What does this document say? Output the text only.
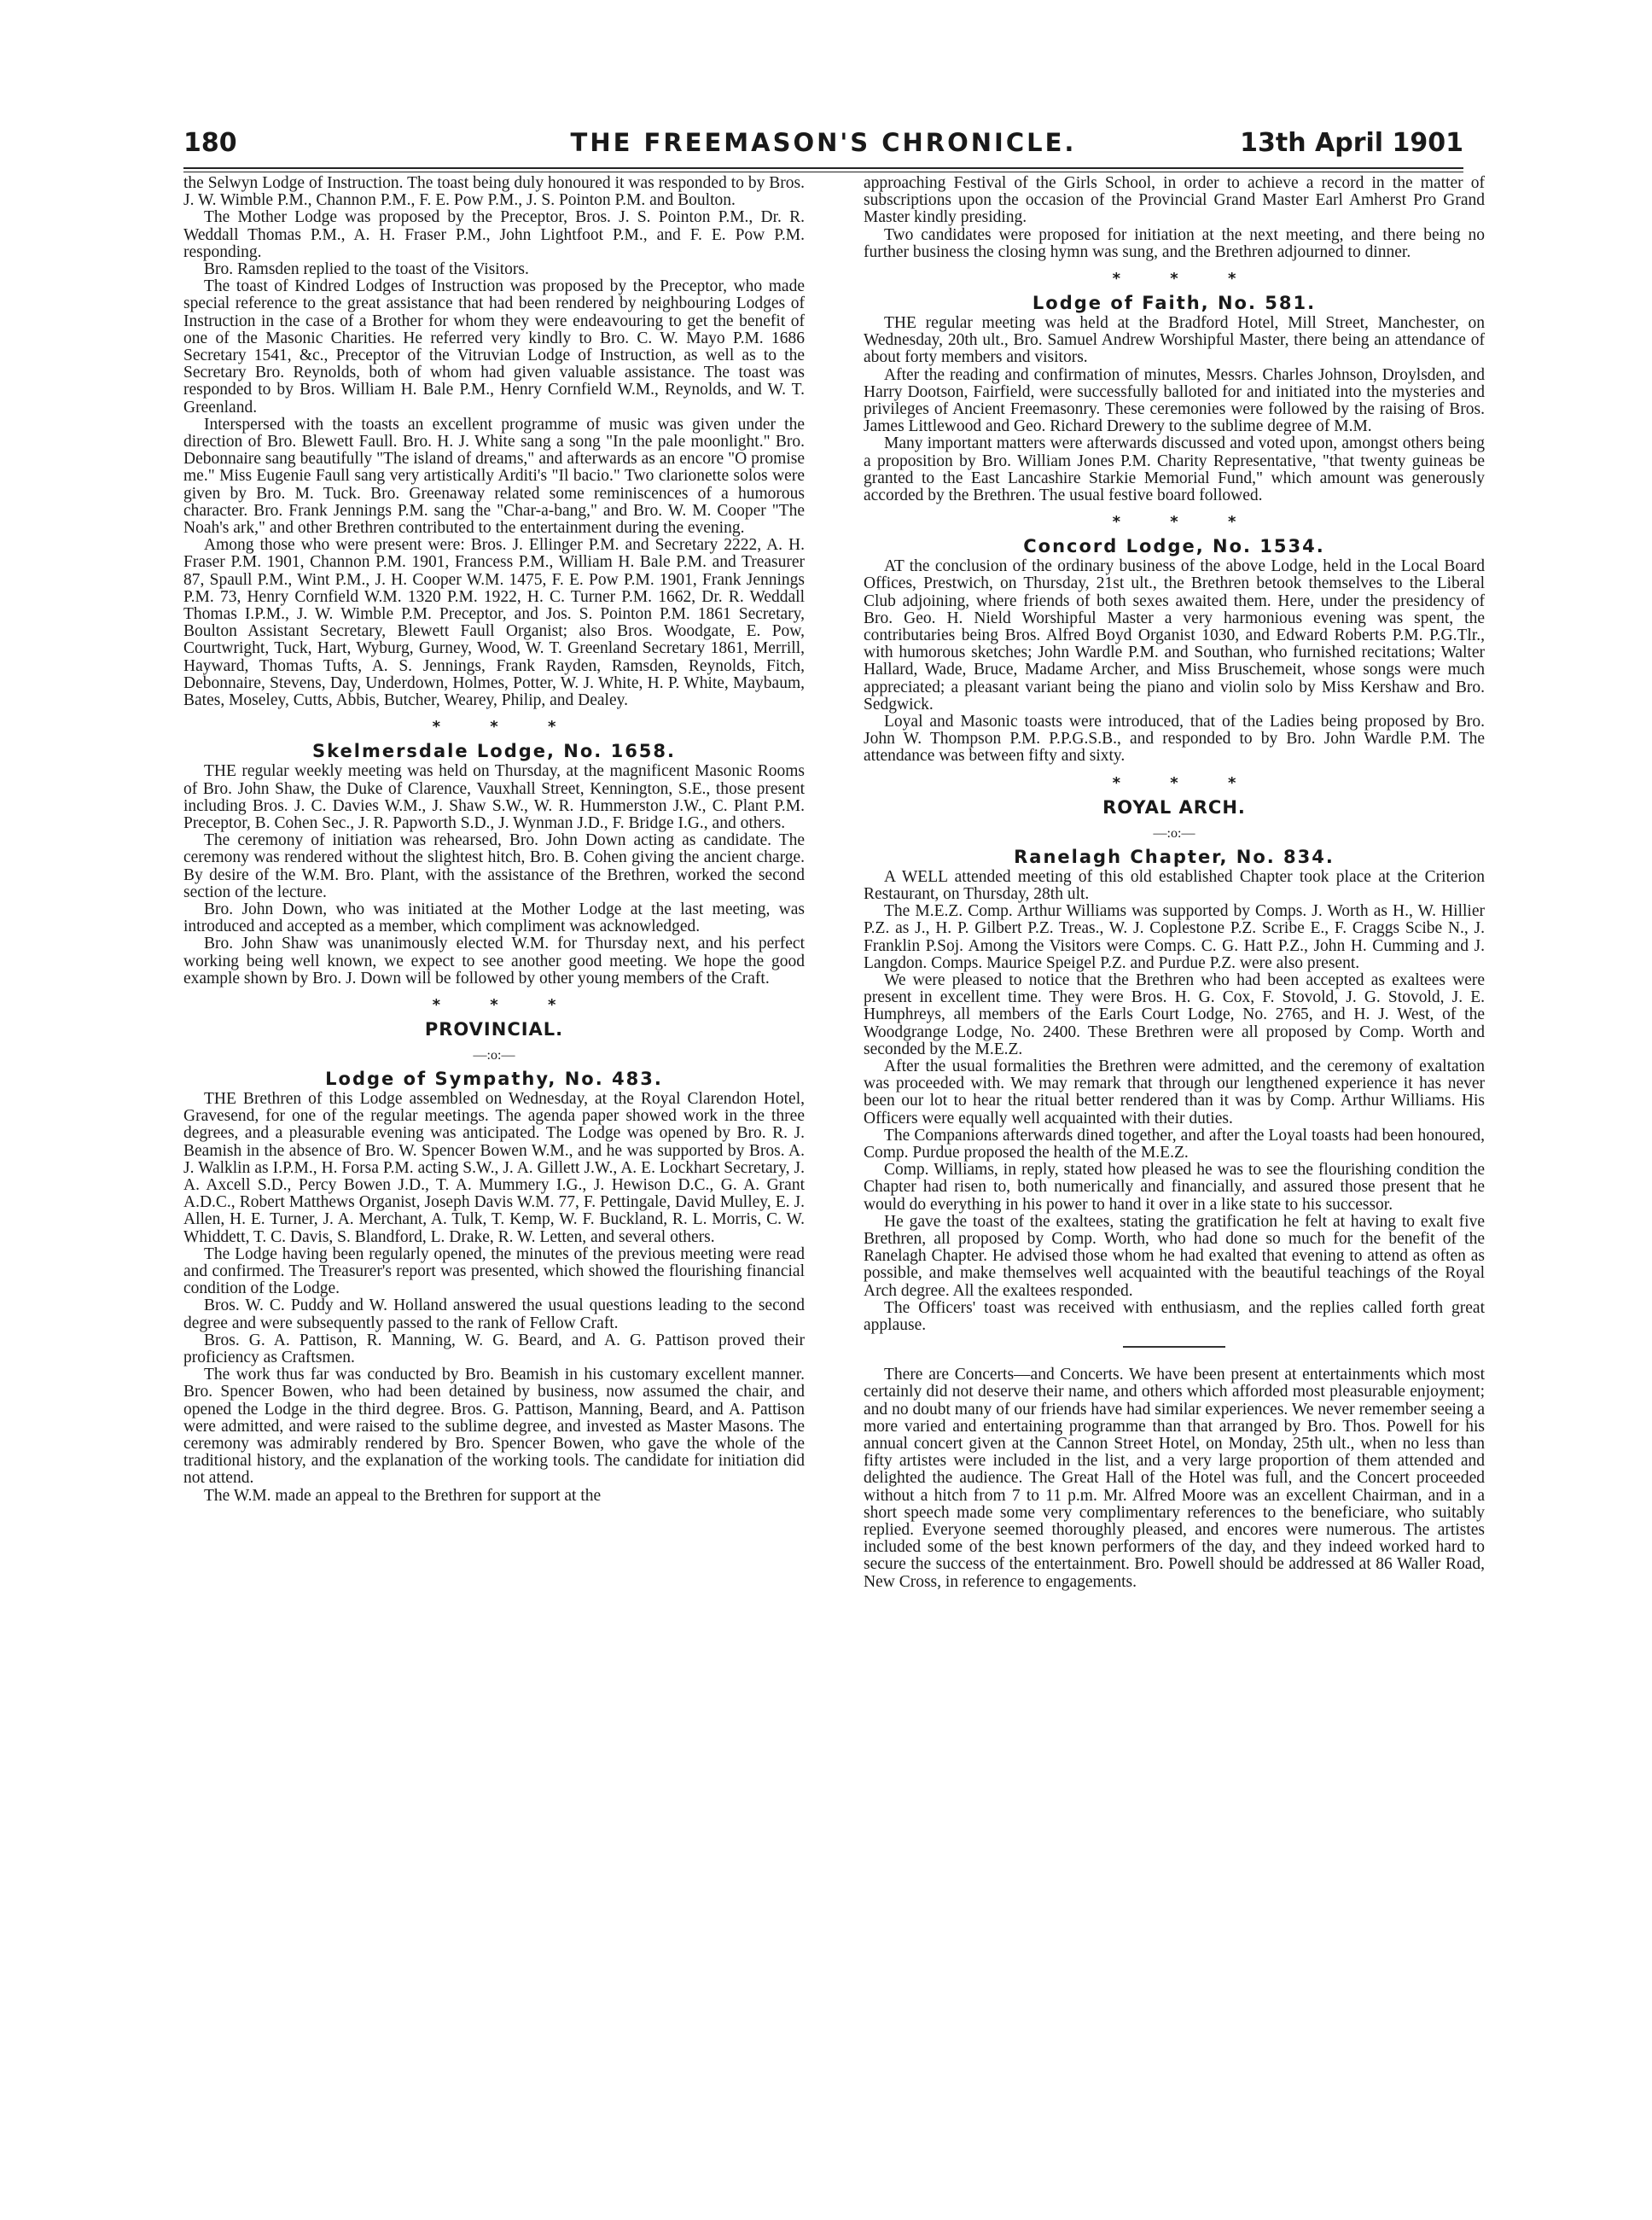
180	THE FREEMASON'S CHRONICLE.	13th April 1901

the Selwyn Lodge of Instruction. The toast being duly honoured it was responded to by Bros. J. W. Wimble P.M., Channon P.M., F. E. Pow P.M., J. S. Pointon P.M. and Boulton.

The Mother Lodge was proposed by the Preceptor, Bros. J. S. Pointon P.M., Dr. R. Weddall Thomas P.M., A. H. Fraser P.M., John Lightfoot P.M., and F. E. Pow P.M. responding.

Bro. Ramsden replied to the toast of the Visitors.

The toast of Kindred Lodges of Instruction was proposed by the Preceptor, who made special reference to the great assistance that had been rendered by neighbouring Lodges of Instruction in the case of a Brother for whom they were endeavouring to get the benefit of one of the Masonic Charities. He referred very kindly to Bro. C. W. Mayo P.M. 1686 Secretary 1541, &c., Preceptor of the Vitruvian Lodge of Instruction, as well as to the Secretary Bro. Reynolds, both of whom had given valuable assistance. The toast was responded to by Bros. William H. Bale P.M., Henry Cornfield W.M., Reynolds, and W. T. Greenland.

Interspersed with the toasts an excellent programme of music was given under the direction of Bro. Blewett Faull. Bro. H. J. White sang a song "In the pale moonlight." Bro. Debonnaire sang beautifully "The island of dreams," and afterwards as an encore "O promise me." Miss Eugenie Faull sang very artistically Arditi's "Il bacio." Two clarionette solos were given by Bro. M. Tuck. Bro. Greenaway related some reminiscences of a humorous character. Bro. Frank Jennings P.M. sang the "Char-a-bang," and Bro. W. M. Cooper "The Noah's ark," and other Brethren contributed to the entertainment during the evening.

Among those who were present were: Bros. J. Ellinger P.M. and Secretary 2222, A. H. Fraser P.M. 1901, Channon P.M. 1901, Francess P.M., William H. Bale P.M. and Treasurer 87, Spaull P.M., Wint P.M., J. H. Cooper W.M. 1475, F. E. Pow P.M. 1901, Frank Jennings P.M. 73, Henry Cornfield W.M. 1320 P.M. 1922, H. C. Turner P.M. 1662, Dr. R. Weddall Thomas I.P.M., J. W. Wimble P.M. Preceptor, and Jos. S. Pointon P.M. 1861 Secretary, Boulton Assistant Secretary, Blewett Faull Organist; also Bros. Woodgate, E. Pow, Courtwright, Tuck, Hart, Wyburg, Gurney, Wood, W. T. Greenland Secretary 1861, Merrill, Hayward, Thomas Tufts, A. S. Jennings, Frank Rayden, Ramsden, Reynolds, Fitch, Debonnaire, Stevens, Day, Underdown, Holmes, Potter, W. J. White, H. P. White, Maybaum, Bates, Moseley, Cutts, Abbis, Butcher, Wearey, Philip, and Dealey.

* * *
Skelmersdale Lodge, No. 1658.

THE regular weekly meeting was held on Thursday, at the magnificent Masonic Rooms of Bro. John Shaw, the Duke of Clarence, Vauxhall Street, Kennington, S.E., those present including Bros. J. C. Davies W.M., J. Shaw S.W., W. R. Hummerston J.W., C. Plant P.M. Preceptor, B. Cohen Sec., J. R. Papworth S.D., J. Wynman J.D., F. Bridge I.G., and others.

The ceremony of initiation was rehearsed, Bro. John Down acting as candidate. The ceremony was rendered without the slightest hitch, Bro. B. Cohen giving the ancient charge. By desire of the W.M. Bro. Plant, with the assistance of the Brethren, worked the second section of the lecture.

Bro. John Down, who was initiated at the Mother Lodge at the last meeting, was introduced and accepted as a member, which compliment was acknowledged.

Bro. John Shaw was unanimously elected W.M. for Thursday next, and his perfect working being well known, we expect to see another good meeting. We hope the good example shown by Bro. J. Down will be followed by other young members of the Craft.

* * *
PROVINCIAL.
—:o:—
Lodge of Sympathy, No. 483.

THE Brethren of this Lodge assembled on Wednesday, at the Royal Clarendon Hotel, Gravesend, for one of the regular meetings. The agenda paper showed work in the three degrees, and a pleasurable evening was anticipated. The Lodge was opened by Bro. R. J. Beamish in the absence of Bro. W. Spencer Bowen W.M., and he was supported by Bros. A. J. Walklin as I.P.M., H. Forsa P.M. acting S.W., J. A. Gillett J.W., A. E. Lockhart Secretary, J. A. Axcell S.D., Percy Bowen J.D., T. A. Mummery I.G., J. Hewison D.C., G. A. Grant A.D.C., Robert Matthews Organist, Joseph Davis W.M. 77, F. Pettingale, David Mulley, E. J. Allen, H. E. Turner, J. A. Merchant, A. Tulk, T. Kemp, W. F. Buckland, R. L. Morris, C. W. Whiddett, T. C. Davis, S. Blandford, L. Drake, R. W. Letten, and several others.

The Lodge having been regularly opened, the minutes of the previous meeting were read and confirmed. The Treasurer's report was presented, which showed the flourishing financial condition of the Lodge.

Bros. W. C. Puddy and W. Holland answered the usual questions leading to the second degree and were subsequently passed to the rank of Fellow Craft.

Bros. G. A. Pattison, R. Manning, W. G. Beard, and A. G. Pattison proved their proficiency as Craftsmen.

The work thus far was conducted by Bro. Beamish in his customary excellent manner. Bro. Spencer Bowen, who had been detained by business, now assumed the chair, and opened the Lodge in the third degree. Bros. G. Pattison, Manning, Beard, and A. Pattison were admitted, and were raised to the sublime degree, and invested as Master Masons. The ceremony was admirably rendered by Bro. Spencer Bowen, who gave the whole of the traditional history, and the explanation of the working tools. The candidate for initiation did not attend.

The W.M. made an appeal to the Brethren for support at the

approaching Festival of the Girls School, in order to achieve a record in the matter of subscriptions upon the occasion of the Provincial Grand Master Earl Amherst Pro Grand Master kindly presiding.

Two candidates were proposed for initiation at the next meeting, and there being no further business the closing hymn was sung, and the Brethren adjourned to dinner.

* * *
Lodge of Faith, No. 581.

THE regular meeting was held at the Bradford Hotel, Mill Street, Manchester, on Wednesday, 20th ult., Bro. Samuel Andrew Worshipful Master, there being an attendance of about forty members and visitors.

After the reading and confirmation of minutes, Messrs. Charles Johnson, Droylsden, and Harry Dootson, Fairfield, were successfully balloted for and initiated into the mysteries and privileges of Ancient Freemasonry. These ceremonies were followed by the raising of Bros. James Littlewood and Geo. Richard Drewery to the sublime degree of M.M.

Many important matters were afterwards discussed and voted upon, amongst others being a proposition by Bro. William Jones P.M. Charity Representative, "that twenty guineas be granted to the East Lancashire Starkie Memorial Fund," which amount was generously accorded by the Brethren. The usual festive board followed.

* * *
Concord Lodge, No. 1534.

AT the conclusion of the ordinary business of the above Lodge, held in the Local Board Offices, Prestwich, on Thursday, 21st ult., the Brethren betook themselves to the Liberal Club adjoining, where friends of both sexes awaited them. Here, under the presidency of Bro. Geo. H. Nield Worshipful Master a very harmonious evening was spent, the contributaries being Bros. Alfred Boyd Organist 1030, and Edward Roberts P.M. P.G.Tlr., with humorous sketches; John Wardle P.M. and Southan, who furnished recitations; Walter Hallard, Wade, Bruce, Madame Archer, and Miss Bruschemeit, whose songs were much appreciated; a pleasant variant being the piano and violin solo by Miss Kershaw and Bro. Sedgwick.

Loyal and Masonic toasts were introduced, that of the Ladies being proposed by Bro. John W. Thompson P.M. P.P.G.S.B., and responded to by Bro. John Wardle P.M. The attendance was between fifty and sixty.

* * *
ROYAL ARCH.
—:o:—
Ranelagh Chapter, No. 834.

A WELL attended meeting of this old established Chapter took place at the Criterion Restaurant, on Thursday, 28th ult.

The M.E.Z. Comp. Arthur Williams was supported by Comps. J. Worth as H., W. Hillier P.Z. as J., H. P. Gilbert P.Z. Treas., W. J. Coplestone P.Z. Scribe E., F. Craggs Scibe N., J. Franklin P.Soj. Among the Visitors were Comps. C. G. Hatt P.Z., John H. Cumming and J. Langdon. Comps. Maurice Speigel P.Z. and Purdue P.Z. were also present.

We were pleased to notice that the Brethren who had been accepted as exaltees were present in excellent time. They were Bros. H. G. Cox, F. Stovold, J. G. Stovold, J. E. Humphreys, all members of the Earls Court Lodge, No. 2765, and H. J. West, of the Woodgrange Lodge, No. 2400. These Brethren were all proposed by Comp. Worth and seconded by the M.E.Z.

After the usual formalities the Brethren were admitted, and the ceremony of exaltation was proceeded with. We may remark that through our lengthened experience it has never been our lot to hear the ritual better rendered than it was by Comp. Arthur Williams. His Officers were equally well acquainted with their duties.

The Companions afterwards dined together, and after the Loyal toasts had been honoured, Comp. Purdue proposed the health of the M.E.Z.

Comp. Williams, in reply, stated how pleased he was to see the flourishing condition the Chapter had risen to, both numerically and financially, and assured those present that he would do everything in his power to hand it over in a like state to his successor.

He gave the toast of the exaltees, stating the gratification he felt at having to exalt five Brethren, all proposed by Comp. Worth, who had done so much for the benefit of the Ranelagh Chapter. He advised those whom he had exalted that evening to attend as often as possible, and make themselves well acquainted with the beautiful teachings of the Royal Arch degree. All the exaltees responded.

The Officers' toast was received with enthusiasm, and the replies called forth great applause.

There are Concerts—and Concerts. We have been present at entertainments which most certainly did not deserve their name, and others which afforded most pleasurable enjoyment; and no doubt many of our friends have had similar experiences. We never remember seeing a more varied and entertaining programme than that arranged by Bro. Thos. Powell for his annual concert given at the Cannon Street Hotel, on Monday, 25th ult., when no less than fifty artistes were included in the list, and a very large proportion of them attended and delighted the audience. The Great Hall of the Hotel was full, and the Concert proceeded without a hitch from 7 to 11 p.m. Mr. Alfred Moore was an excellent Chairman, and in a short speech made some very complimentary references to the beneficiare, who suitably replied. Everyone seemed thoroughly pleased, and encores were numerous. The artistes included some of the best known performers of the day, and they indeed worked hard to secure the success of the entertainment. Bro. Powell should be addressed at 86 Waller Road, New Cross, in reference to engagements.
